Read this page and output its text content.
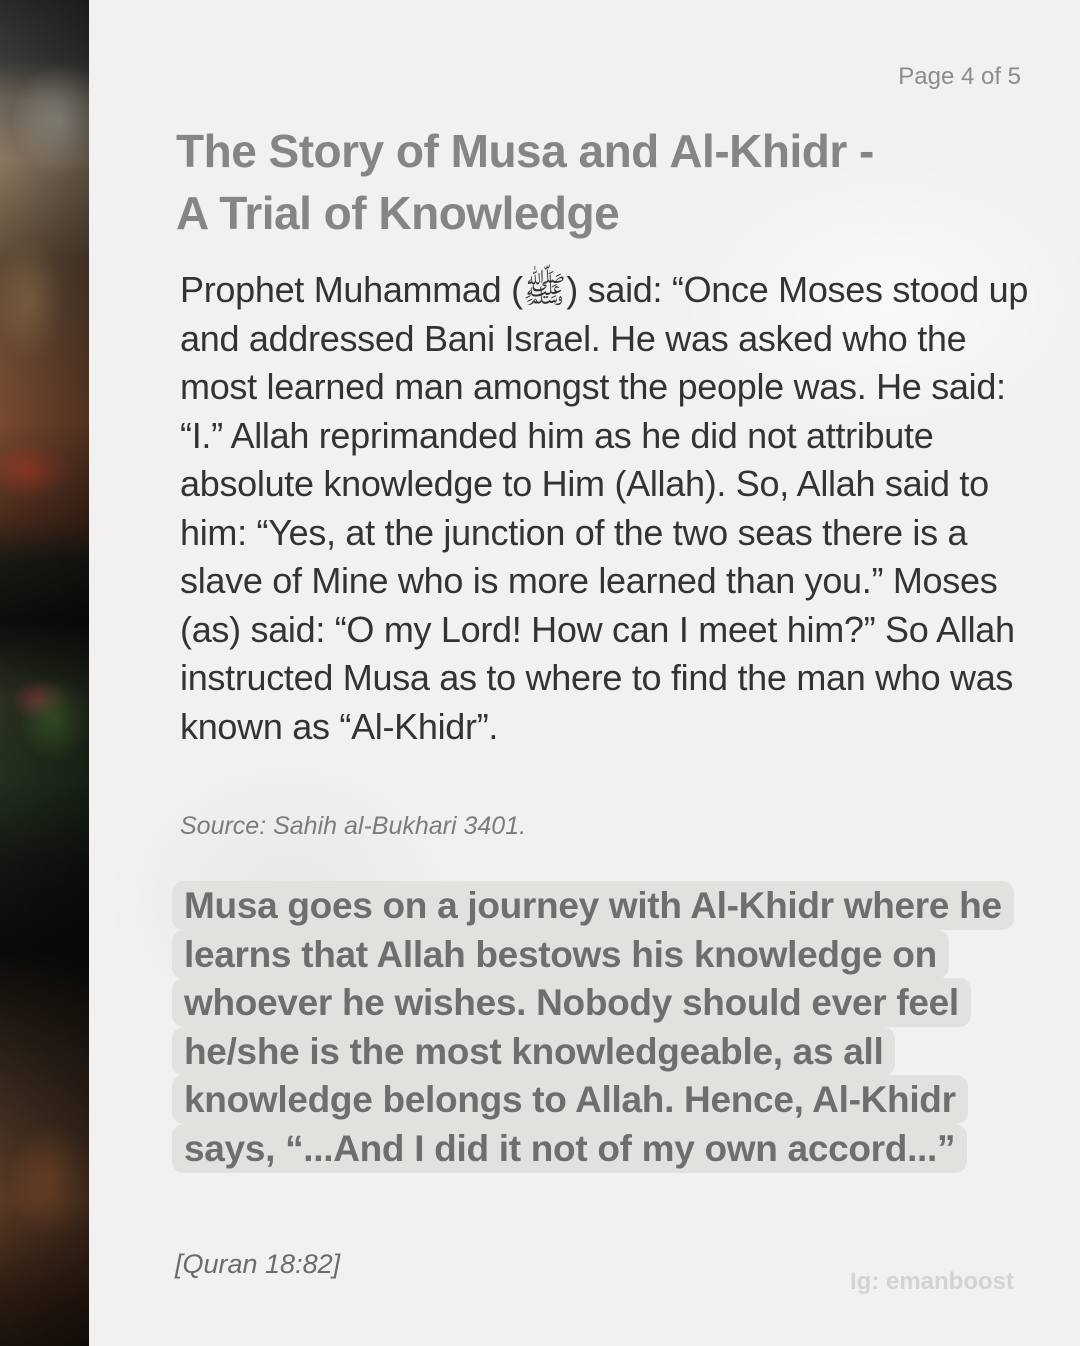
Page 4 of 5
The Story of Musa and Al-Khidr -
A Trial of Knowledge

Prophet Muhammad (ﷺ) said: “Once Moses stood up and addressed Bani Israel. He was asked who the most learned man amongst the people was. He said: “I.” Allah reprimanded him as he did not attribute absolute knowledge to Him (Allah). So, Allah said to him: “Yes, at the junction of the two seas there is a slave of Mine who is more learned than you.” Moses (as) said: “O my Lord! How can I meet him?” So Allah instructed Musa as to where to find the man who was known as “Al-Khidr”.

Source: Sahih al-Bukhari 3401.

Musa goes on a journey with Al-Khidr where he learns that Allah bestows his knowledge on whoever he wishes. Nobody should ever feel he/she is the most knowledgeable, as all knowledge belongs to Allah. Hence, Al-Khidr says, “...And I did it not of my own accord...”

[Quran 18:82]
Ig: emanboost
